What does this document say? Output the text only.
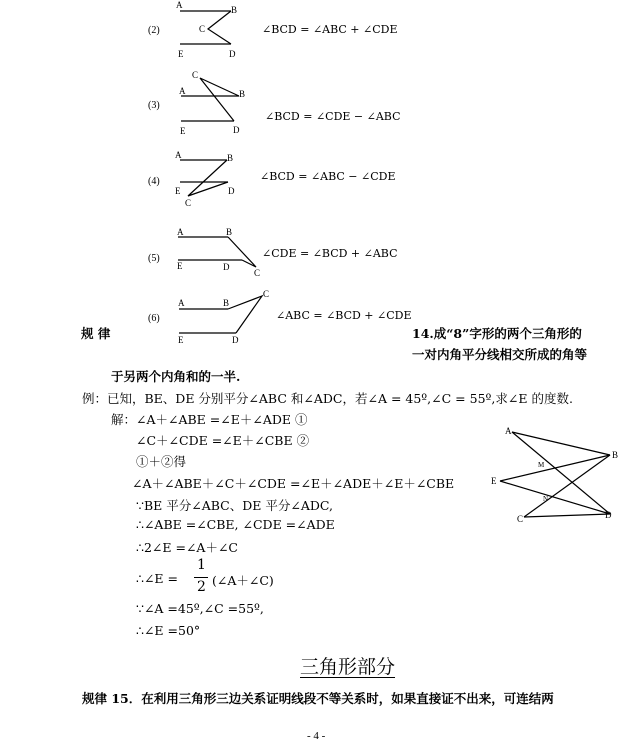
(2)
A	B
C
E	D
∠BCD = ∠ABC + ∠CDE
(3)
C
A	B
E	D
∠BCD = ∠CDE − ∠ABC
(4)
A	B
E	D
C
∠BCD = ∠ABC − ∠CDE
(5)
A	B
E	D
C
∠CDE = ∠BCD + ∠ABC
(6)
A	B
C
E	D
∠ABC = ∠BCD + ∠CDE
规 律	14.成“8”字形的两个三角形的
一对内角平分线相交所成的角等
于另两个内角和的一半.
例：已知，BE、DE 分别平分∠ABC 和∠ADC，若∠A = 45º,∠C = 55º,求∠E 的度数.
解：∠A＋∠ABE =∠E＋∠ADE ①
∠C＋∠CDE =∠E＋∠CBE ②
①＋②得
∠A＋∠ABE＋∠C＋∠CDE =∠E＋∠ADE＋∠E＋∠CBE
∵BE 平分∠ABC、DE 平分∠ADC,
∴∠ABE =∠CBE, ∠CDE =∠ADE
∴2∠E =∠A＋∠C
∴∠E =
1
2 (∠A＋∠C)
∵∠A =45º,∠C =55º,
∴∠E =50°
A
B
E
M
N
C	D
三角形部分
规律 15．在利用三角形三边关系证明线段不等关系时，如果直接证不出来，可连结两
- 4 -
